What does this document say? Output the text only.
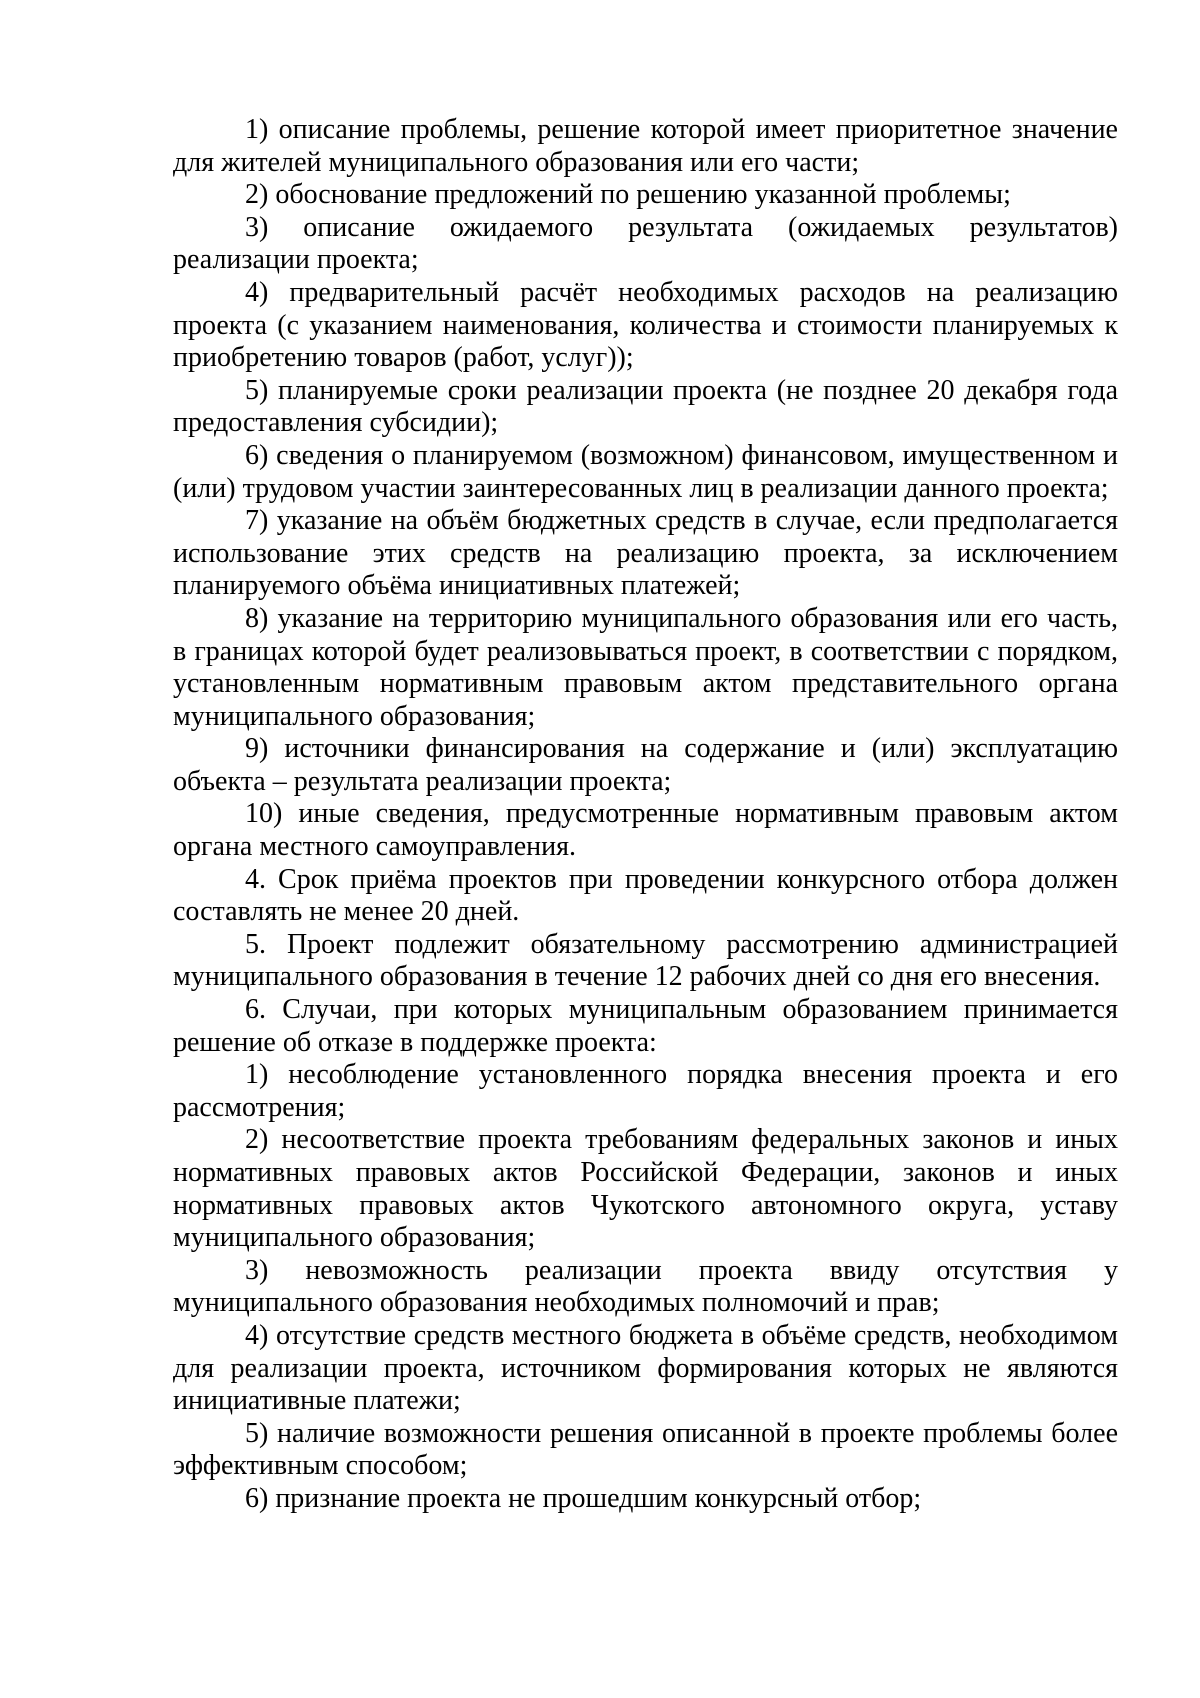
1) описание проблемы, решение которой имеет приоритетное значение для жителей муниципального образования или его части;

2) обоснование предложений по решению указанной проблемы;

3) описание ожидаемого результата (ожидаемых результатов) реализации проекта;

4) предварительный расчёт необходимых расходов на реализацию проекта (с указанием наименования, количества и стоимости планируемых к приобретению товаров (работ, услуг));

5) планируемые сроки реализации проекта (не позднее 20 декабря года предоставления субсидии);

6) сведения о планируемом (возможном) финансовом, имущественном и (или) трудовом участии заинтересованных лиц в реализации данного проекта;

7) указание на объём бюджетных средств в случае, если предполагается использование этих средств на реализацию проекта, за исключением планируемого объёма инициативных платежей;

8) указание на территорию муниципального образования или его часть, в границах которой будет реализовываться проект, в соответствии с порядком, установленным нормативным правовым актом представительного органа муниципального образования;

9) источники финансирования на содержание и (или) эксплуатацию объекта – результата реализации проекта;

10) иные сведения, предусмотренные нормативным правовым актом органа местного самоуправления.

4. Срок приёма проектов при проведении конкурсного отбора должен составлять не менее 20 дней.

5. Проект подлежит обязательному рассмотрению администрацией муниципального образования в течение 12 рабочих дней со дня его внесения.

6. Случаи, при которых муниципальным образованием принимается решение об отказе в поддержке проекта:

1) несоблюдение установленного порядка внесения проекта и его рассмотрения;

2) несоответствие проекта требованиям федеральных законов и иных нормативных правовых актов Российской Федерации, законов и иных нормативных правовых актов Чукотского автономного округа, уставу муниципального образования;

3) невозможность реализации проекта ввиду отсутствия у муниципального образования необходимых полномочий и прав;

4) отсутствие средств местного бюджета в объёме средств, необходимом для реализации проекта, источником формирования которых не являются инициативные платежи;

5) наличие возможности решения описанной в проекте проблемы более эффективным способом;

6) признание проекта не прошедшим конкурсный отбор;
